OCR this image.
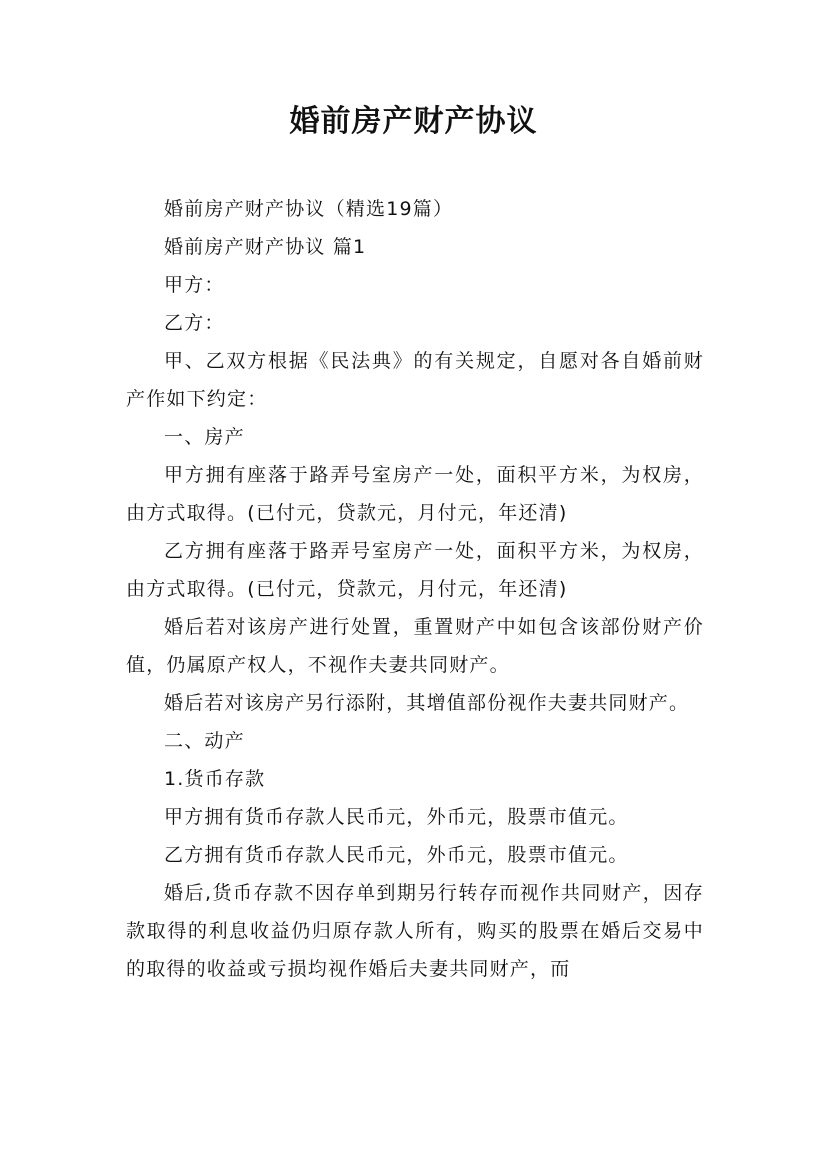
婚前房产财产协议

婚前房产财产协议（精选19篇）

婚前房产财产协议 篇1

甲方：

乙方：

甲、乙双方根据《民法典》的有关规定，自愿对各自婚前财产作如下约定：

一、房产

甲方拥有座落于路弄号室房产一处，面积平方米，为权房，由方式取得。(已付元，贷款元，月付元，年还清)

乙方拥有座落于路弄号室房产一处，面积平方米，为权房，由方式取得。(已付元，贷款元，月付元，年还清)

婚后若对该房产进行处置，重置财产中如包含该部份财产价值，仍属原产权人，不视作夫妻共同财产。

婚后若对该房产另行添附，其增值部份视作夫妻共同财产。

二、动产

1.货币存款

甲方拥有货币存款人民币元，外币元，股票市值元。

乙方拥有货币存款人民币元，外币元，股票市值元。

婚后,货币存款不因存单到期另行转存而视作共同财产，因存款取得的利息收益仍归原存款人所有，购买的股票在婚后交易中的取得的收益或亏损均视作婚后夫妻共同财产，而
